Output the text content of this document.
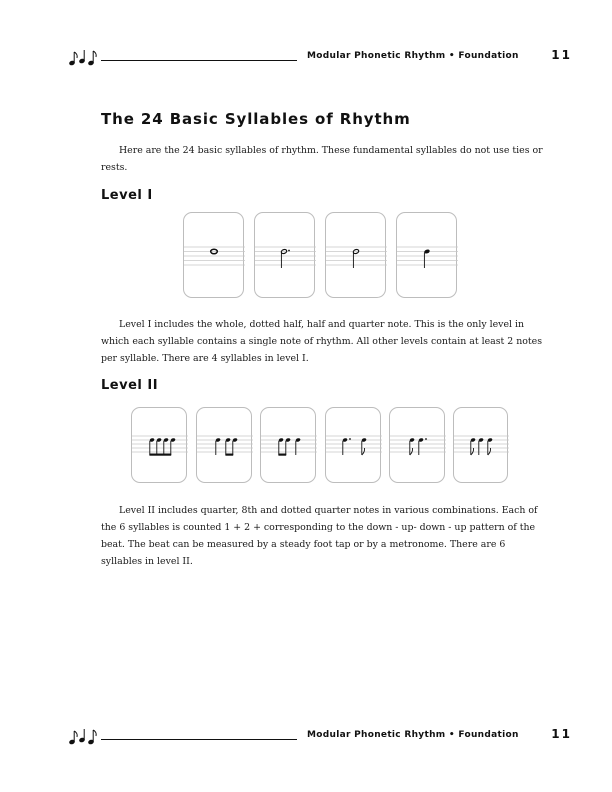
Modular Phonetic Rhythm • Foundation	11
The 24 Basic Syllables of Rhythm

Here are the 24 basic syllables of rhythm. These fundamental syllables do not use ties or rests.

Level I

Level I includes the whole, dotted half, half and quarter note. This is the only level in which each syllable contains a single note of rhythm. All other levels contain at least 2 notes per syllable. There are 4 syllables in level I.

Level II

Level II includes quarter, 8th and dotted quarter notes in various combinations. Each of the 6 syllables is counted 1 + 2 + corresponding to the down - up- down - up pattern of the beat. The beat can be measured by a steady foot tap or by a metronome. There are 6 syllables in level II.

Modular Phonetic Rhythm • Foundation	11
